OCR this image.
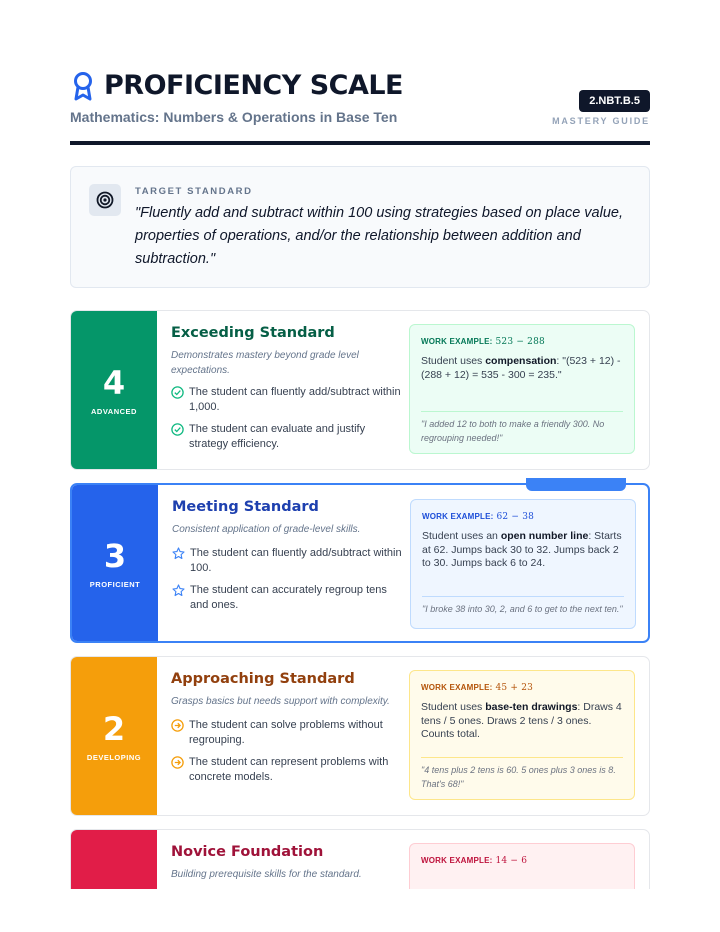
PROFICIENCY SCALE
Mathematics: Numbers & Operations in Base Ten
2.NBT.B.5
MASTERY GUIDE
TARGET STANDARD
"Fluently add and subtract within 100 using strategies based on place value, properties of operations, and/or the relationship between addition and subtraction."
4
ADVANCED
Exceeding Standard
Demonstrates mastery beyond grade level expectations.
The student can fluently add/subtract within 1,000.
The student can evaluate and justify strategy efficiency.
WORK EXAMPLE: 523 − 288
Student uses compensation: "(523 + 12) - (288 + 12) = 535 - 300 = 235."
"I added 12 to both to make a friendly 300. No regrouping needed!"
3
PROFICIENT
Meeting Standard
Consistent application of grade-level skills.
The student can fluently add/subtract within 100.
The student can accurately regroup tens and ones.
WORK EXAMPLE: 62 − 38
Student uses an open number line: Starts at 62. Jumps back 30 to 32. Jumps back 2 to 30. Jumps back 6 to 24.
"I broke 38 into 30, 2, and 6 to get to the next ten."
2
DEVELOPING
Approaching Standard
Grasps basics but needs support with complexity.
The student can solve problems without regrouping.
The student can represent problems with concrete models.
WORK EXAMPLE: 45 + 23
Student uses base-ten drawings: Draws 4 tens / 5 ones. Draws 2 tens / 3 ones. Counts total.
"4 tens plus 2 tens is 60. 5 ones plus 3 ones is 8. That's 68!"
Novice Foundation
Building prerequisite skills for the standard.
WORK EXAMPLE: 14 − 6
